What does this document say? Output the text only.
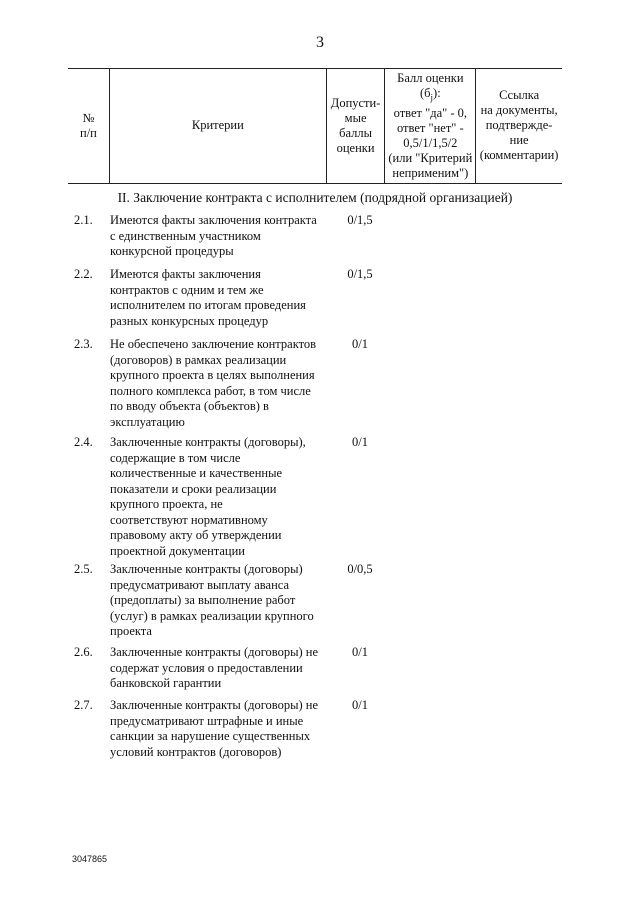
3
№
п/п

Критерии

Допусти-
мые
баллы
оценки

Балл оценки
$(б_j)$:
ответ "да" - 0,
ответ "нет" -
0,5/1/1,5/2
(или "Критерий
неприменим")

Ссылка
на документы,
подтвержде-
ние
(комментарии)
II. Заключение контракта с исполнителем (подрядной организацией)
2.1.	Имеются факты заключения контракта
с единственным участником
конкурсной процедуры
0/1,5
2.2.	Имеются факты заключения
контрактов с одним и тем же
исполнителем по итогам проведения
разных конкурсных процедур
0/1,5
2.3.	Не обеспечено заключение контрактов
(договоров) в рамках реализации
крупного проекта в целях выполнения
полного комплекса работ, в том числе
по вводу объекта (объектов) в
эксплуатацию
0/1
2.4.	Заключенные контракты (договоры),
содержащие в том числе
количественные и качественные
показатели и сроки реализации
крупного проекта, не
соответствуют нормативному
правовому акту об утверждении
проектной документации
0/1
2.5.	Заключенные контракты (договоры)
предусматривают выплату аванса
(предоплаты) за выполнение работ
(услуг) в рамках реализации крупного
проекта
0/0,5
2.6.	Заключенные контракты (договоры) не
содержат условия о предоставлении
банковской гарантии
0/1
2.7.	Заключенные контракты (договоры) не
предусматривают штрафные и иные
санкции за нарушение существенных
условий контрактов (договоров)
0/1
3047865
